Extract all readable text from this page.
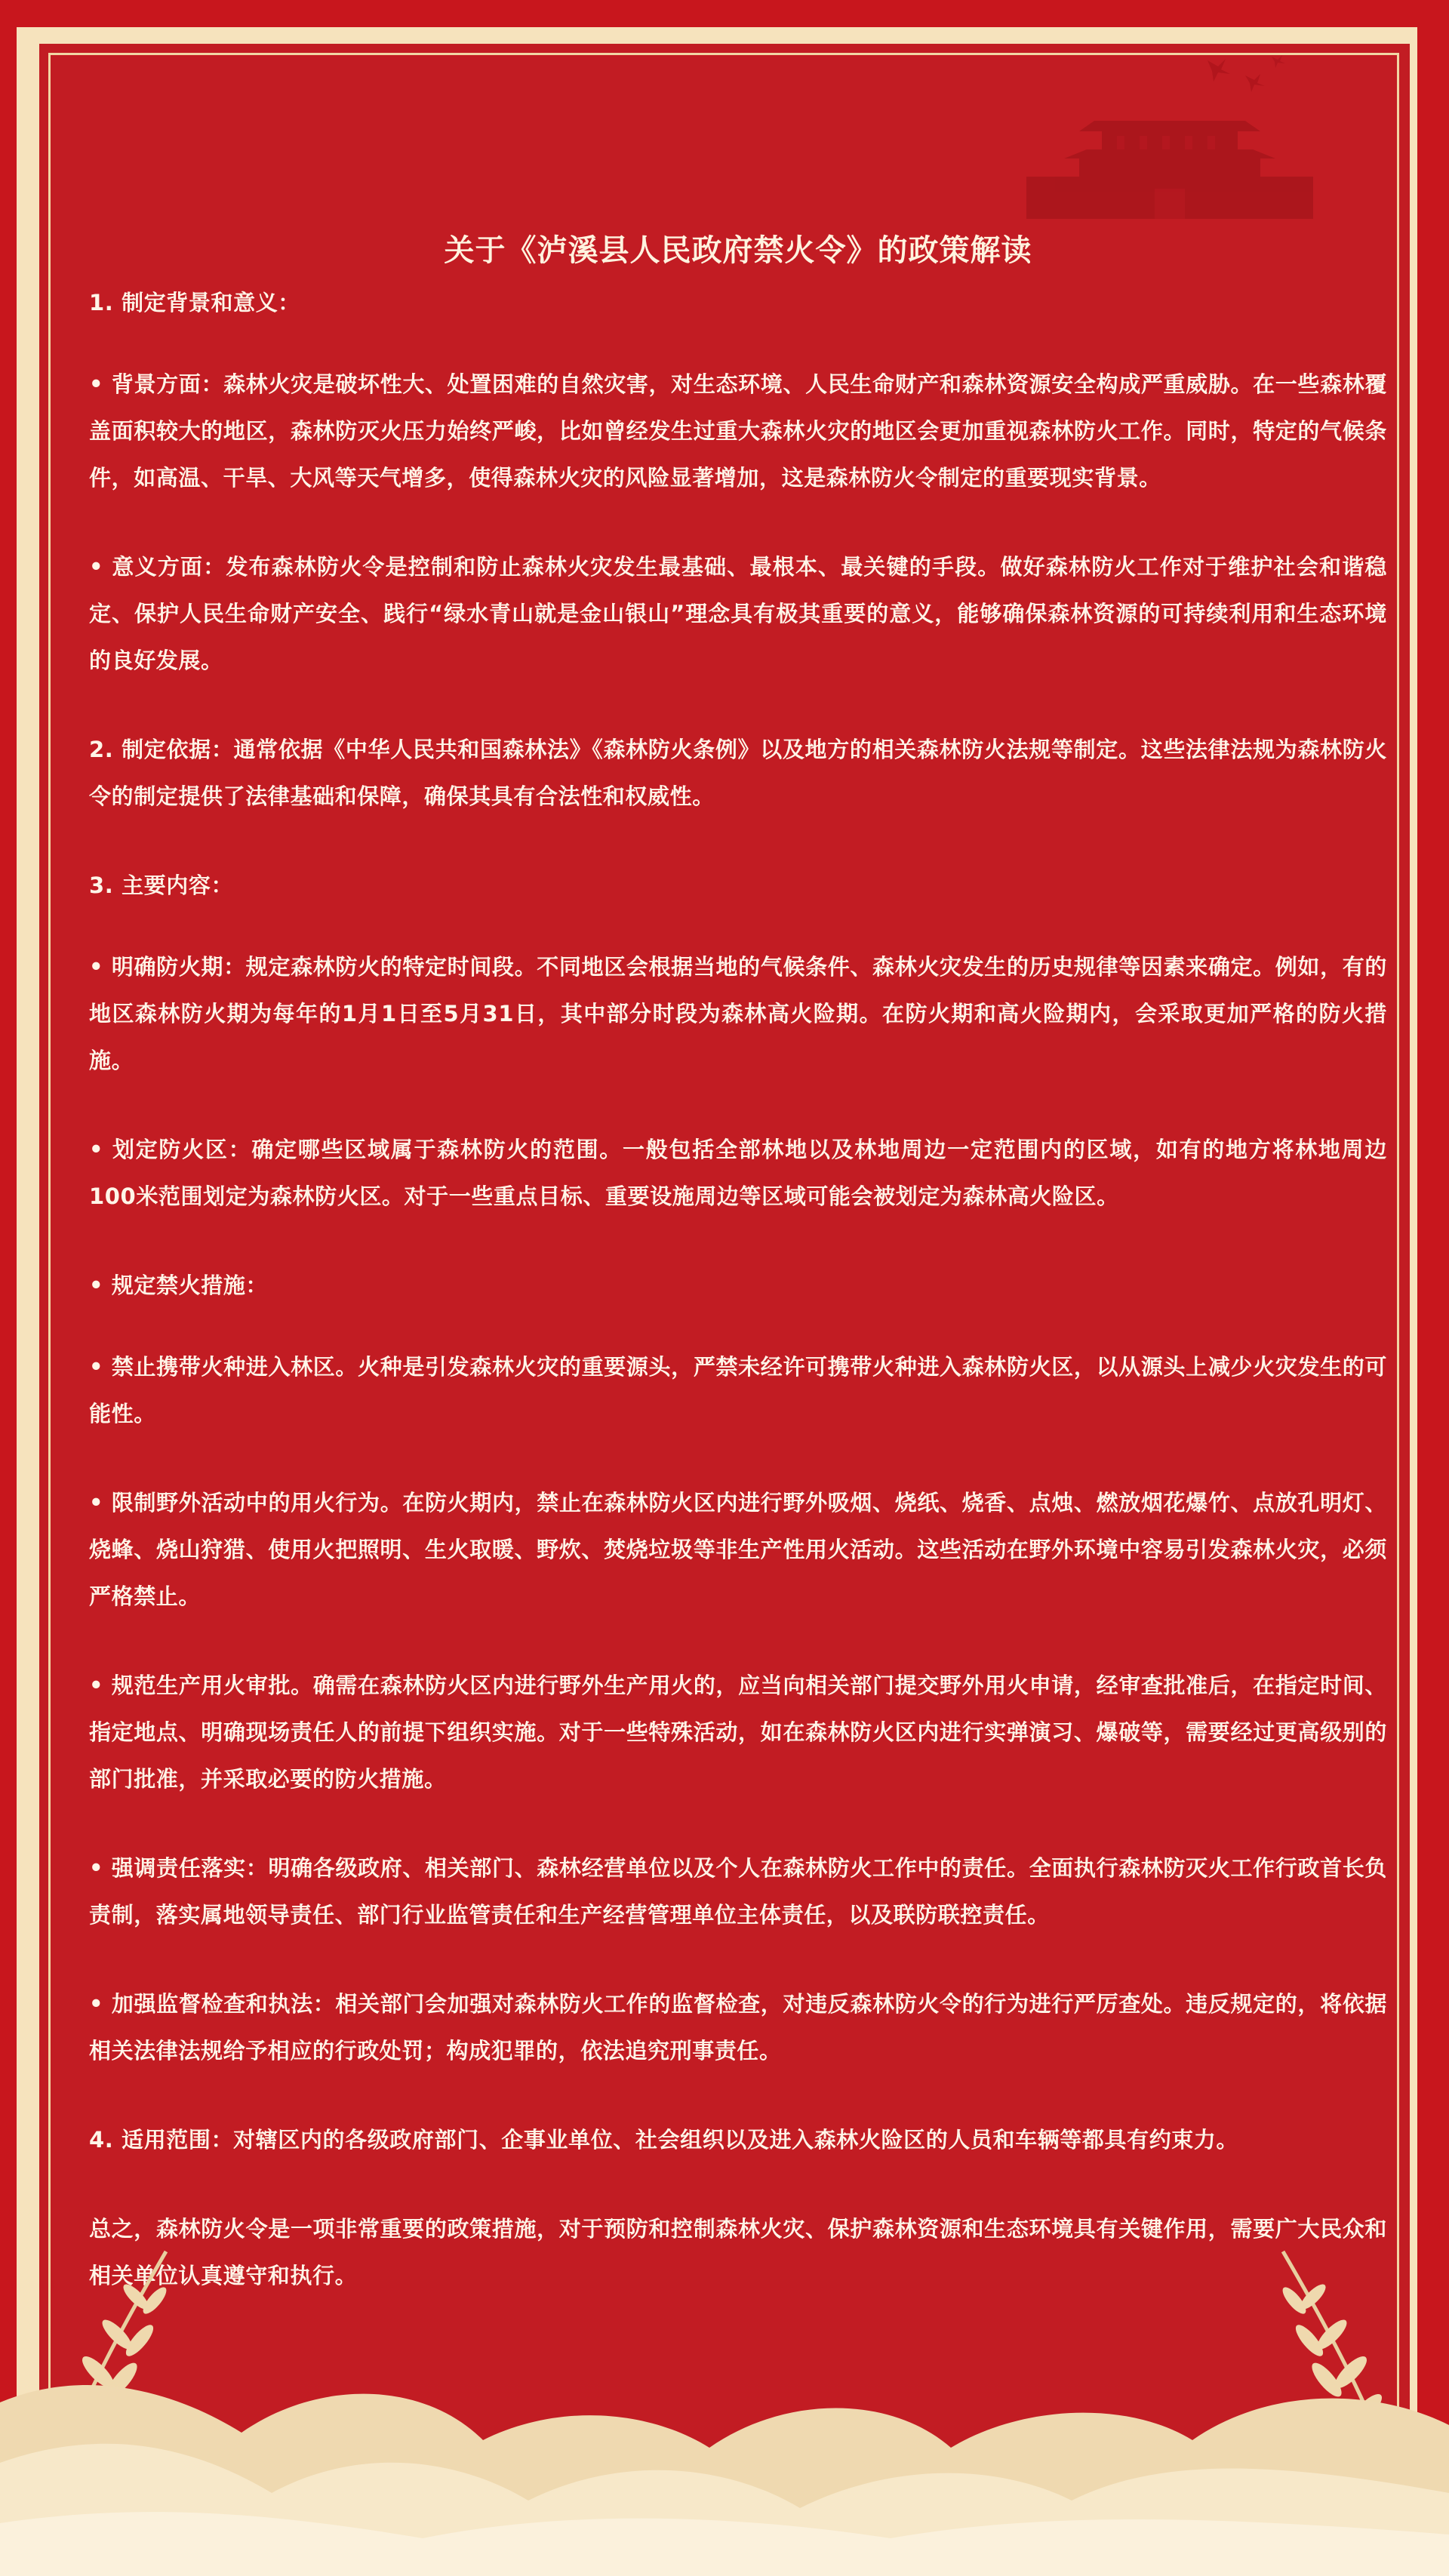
关于《泸溪县人民政府禁火令》的政策解读

1. 制定背景和意义：

• 背景方面：森林火灾是破坏性大、处置困难的自然灾害，对生态环境、人民生命财产和森林资源安全构成严重威胁。在一些森林覆盖面积较大的地区，森林防灭火压力始终严峻，比如曾经发生过重大森林火灾的地区会更加重视森林防火工作。同时，特定的气候条件，如高温、干旱、大风等天气增多，使得森林火灾的风险显著增加，这是森林防火令制定的重要现实背景。

• 意义方面：发布森林防火令是控制和防止森林火灾发生最基础、最根本、最关键的手段。做好森林防火工作对于维护社会和谐稳定、保护人民生命财产安全、践行“绿水青山就是金山银山”理念具有极其重要的意义，能够确保森林资源的可持续利用和生态环境的良好发展。

2. 制定依据：通常依据《中华人民共和国森林法》《森林防火条例》以及地方的相关森林防火法规等制定。这些法律法规为森林防火令的制定提供了法律基础和保障，确保其具有合法性和权威性。

3. 主要内容：

• 明确防火期：规定森林防火的特定时间段。不同地区会根据当地的气候条件、森林火灾发生的历史规律等因素来确定。例如，有的地区森林防火期为每年的1月1日至5月31日，其中部分时段为森林高火险期。在防火期和高火险期内，会采取更加严格的防火措施。

• 划定防火区：确定哪些区域属于森林防火的范围。一般包括全部林地以及林地周边一定范围内的区域，如有的地方将林地周边100米范围划定为森林防火区。对于一些重点目标、重要设施周边等区域可能会被划定为森林高火险区。

• 规定禁火措施：

• 禁止携带火种进入林区。火种是引发森林火灾的重要源头，严禁未经许可携带火种进入森林防火区，以从源头上减少火灾发生的可能性。

• 限制野外活动中的用火行为。在防火期内，禁止在森林防火区内进行野外吸烟、烧纸、烧香、点烛、燃放烟花爆竹、点放孔明灯、烧蜂、烧山狩猎、使用火把照明、生火取暖、野炊、焚烧垃圾等非生产性用火活动。这些活动在野外环境中容易引发森林火灾，必须严格禁止。

• 规范生产用火审批。确需在森林防火区内进行野外生产用火的，应当向相关部门提交野外用火申请，经审查批准后，在指定时间、指定地点、明确现场责任人的前提下组织实施。对于一些特殊活动，如在森林防火区内进行实弹演习、爆破等，需要经过更高级别的部门批准，并采取必要的防火措施。

• 强调责任落实：明确各级政府、相关部门、森林经营单位以及个人在森林防火工作中的责任。全面执行森林防灭火工作行政首长负责制，落实属地领导责任、部门行业监管责任和生产经营管理单位主体责任，以及联防联控责任。

• 加强监督检查和执法：相关部门会加强对森林防火工作的监督检查，对违反森林防火令的行为进行严厉查处。违反规定的，将依据相关法律法规给予相应的行政处罚；构成犯罪的，依法追究刑事责任。

4. 适用范围：对辖区内的各级政府部门、企事业单位、社会组织以及进入森林火险区的人员和车辆等都具有约束力。

总之，森林防火令是一项非常重要的政策措施，对于预防和控制森林火灾、保护森林资源和生态环境具有关键作用，需要广大民众和相关单位认真遵守和执行。
